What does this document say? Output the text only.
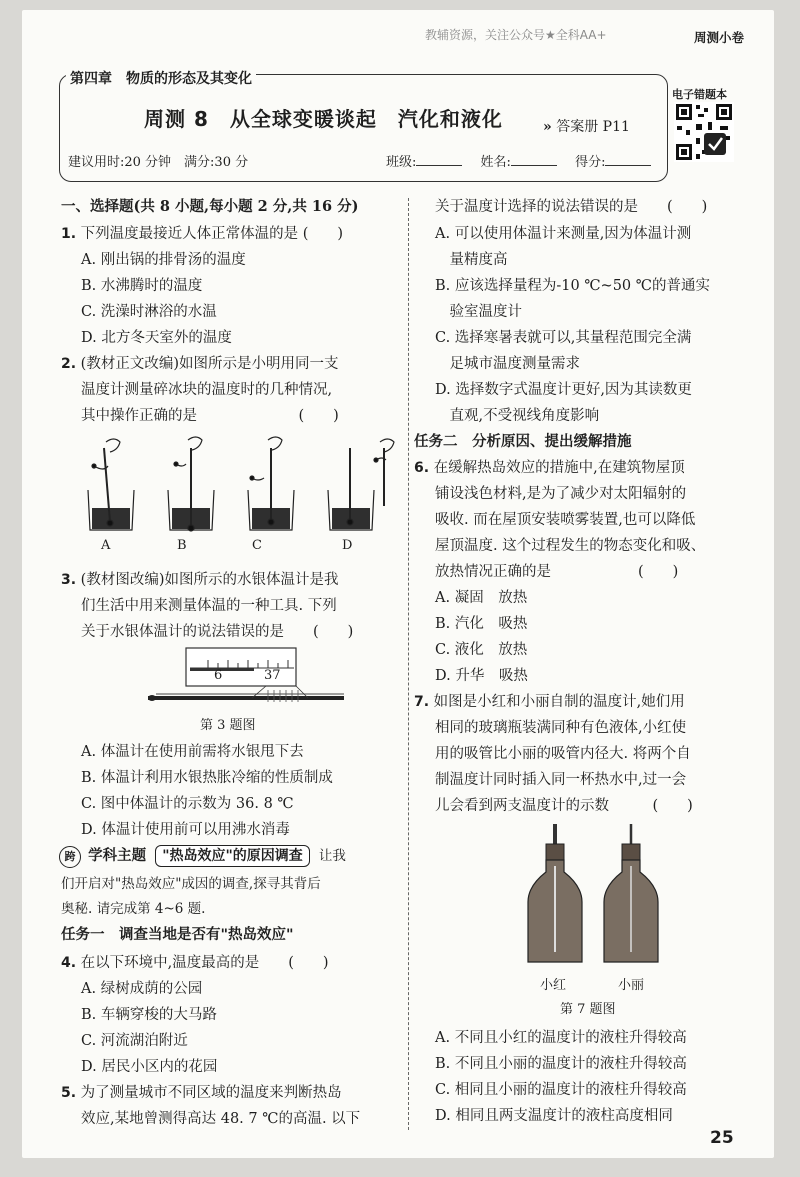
教辅资源，关注公众号★全科AA+	周测小卷
第四章　物质的形态及其变化
周测 8　从全球变暖谈起　汽化和液化	» 答案册 P11
建议用时:20 分钟　满分:30 分	班级:	姓名:	得分:
电子错题本
一、选择题(共 8 小题,每小题 2 分,共 16 分)
1. 下列温度最接近人体正常体温的是 (　　)
A. 刚出锅的排骨汤的温度
B. 水沸腾时的温度
C. 洗澡时淋浴的水温
D. 北方冬天室外的温度
2. (教材正文改编)如图所示是小明用同一支
温度计测量碎冰块的温度时的几种情况,
其中操作正确的是　　　　　　　(　　)
A	B	C	D
3. (教材图改编)如图所示的水银体温计是我
们生活中用来测量体温的一种工具. 下列
关于水银体温计的说法错误的是　　(　　)
6	37
第 3 题图
A. 体温计在使用前需将水银甩下去
B. 体温计利用水银热胀冷缩的性质制成
C. 图中体温计的示数为 36. 8 ℃
D. 体温计使用前可以用沸水消毒
跨 学科主题 "热岛效应"的原因调查 让我
们开启对"热岛效应"成因的调查,探寻其背后
奥秘. 请完成第 4~6 题.
任务一　调查当地是否有"热岛效应"
4. 在以下环境中,温度最高的是　　(　　)
A. 绿树成荫的公园
B. 车辆穿梭的大马路
C. 河流湖泊附近
D. 居民小区内的花园
5. 为了测量城市不同区域的温度来判断热岛
效应,某地曾测得高达 48. 7 ℃的高温. 以下
关于温度计选择的说法错误的是　　(　　)
A. 可以使用体温计来测量,因为体温计测
　量精度高
B. 应该选择量程为-10 ℃~50 ℃的普通实
　验室温度计
C. 选择寒暑表就可以,其量程范围完全满
　足城市温度测量需求
D. 选择数字式温度计更好,因为其读数更
　直观,不受视线角度影响
任务二　分析原因、提出缓解措施
6. 在缓解热岛效应的措施中,在建筑物屋顶
铺设浅色材料,是为了减少对太阳辐射的
吸收. 而在屋顶安装喷雾装置,也可以降低
屋顶温度. 这个过程发生的物态变化和吸、
放热情况正确的是　　　　　　(　　)
A. 凝固　放热
B. 汽化　吸热
C. 液化　放热
D. 升华　吸热
7. 如图是小红和小丽自制的温度计,她们用
相同的玻璃瓶装满同种有色液体,小红使
用的吸管比小丽的吸管内径大. 将两个自
制温度计同时插入同一杯热水中,过一会
儿会看到两支温度计的示数　　　(　　)
小红	小丽
第 7 题图
A. 不同且小红的温度计的液柱升得较高
B. 不同且小丽的温度计的液柱升得较高
C. 相同且小丽的温度计的液柱升得较高
D. 相同且两支温度计的液柱高度相同
25
